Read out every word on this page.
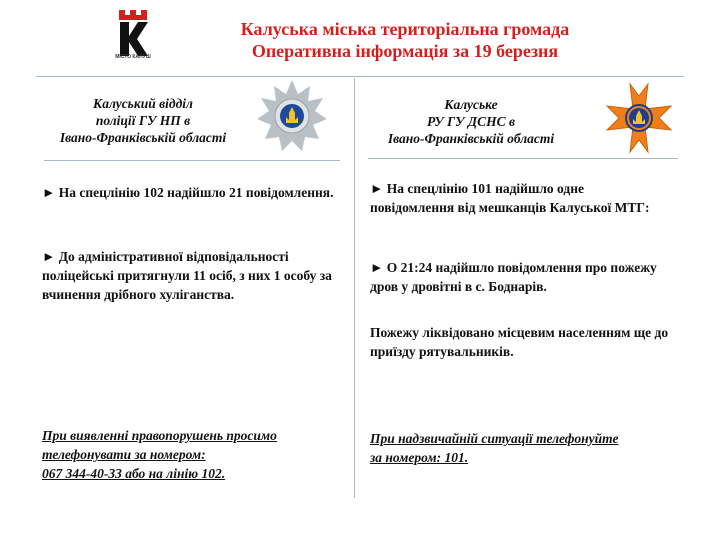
МІСТО КАЛУШ
Калуська міська територіальна громада
Оперативна інформація за 19 березня
Калуський відділ
поліції ГУ НП в
Івано-Франківській області
Калуське
РУ ГУ ДСНС в
Івано-Франківській області
► На спецлінію 102 надійшло 21 повідомлення.
► До адміністративної відповідальності поліцейські притягнули 11 осіб, з них 1 особу за вчинення дрібного хуліганства.
При виявленні правопорушень просимо
телефонувати за номером:
067 344-40-33 або на лінію 102.
► На спецлінію 101 надійшло одне повідомлення від мешканців Калуської МТГ:
► О 21:24 надійшло повідомлення про пожежу дров у дровітні в с. Боднарів.
Пожежу ліквідовано місцевим населенням ще до приїзду рятувальників.
При надзвичайній ситуації телефонуйте
за номером: 101.
